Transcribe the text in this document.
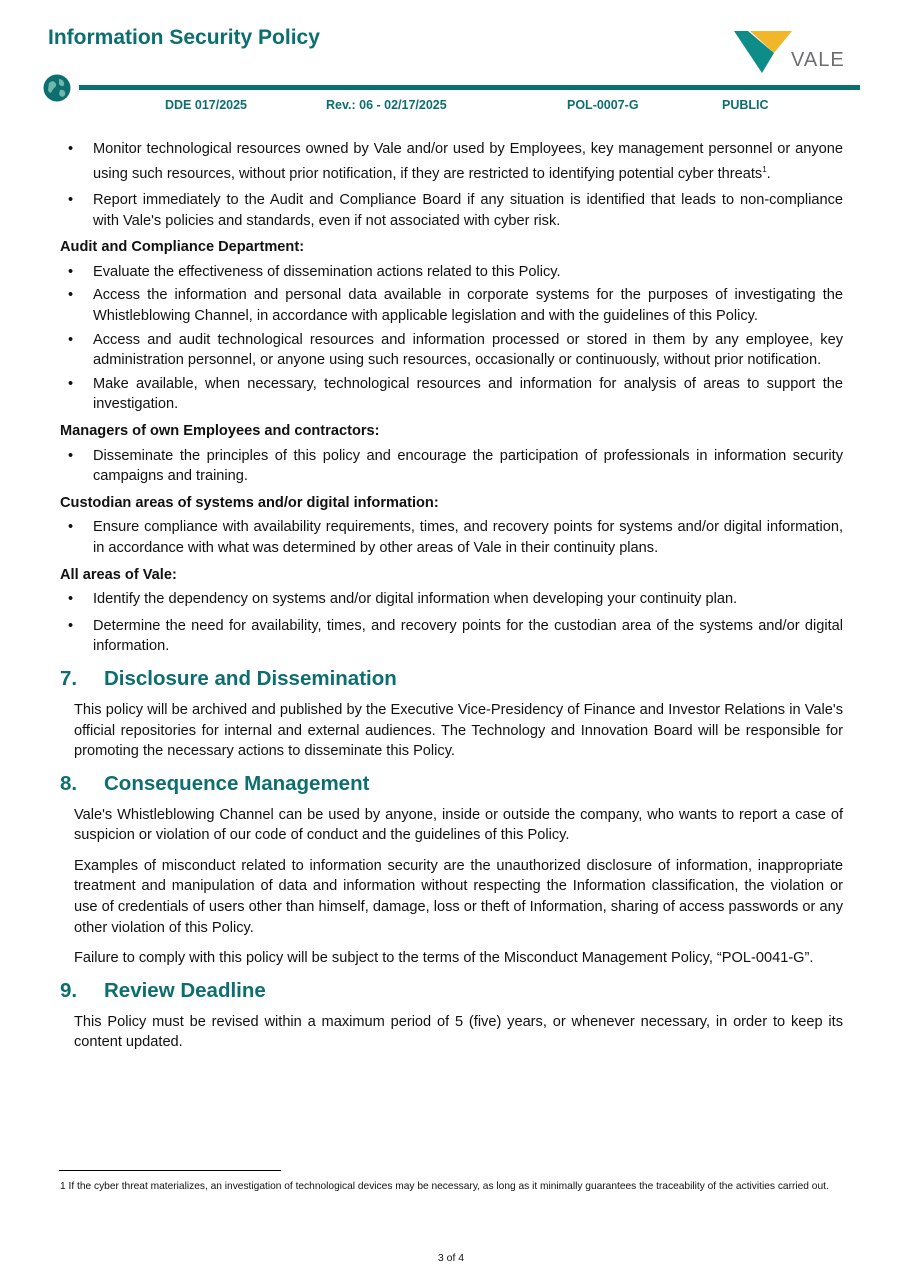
Information Security Policy
VALE
DDE 017/2025	Rev.: 06 - 02/17/2025	POL-0007-G	PUBLIC
• Monitor technological resources owned by Vale and/or used by Employees, key management personnel or anyone using such resources, without prior notification, if they are restricted to identifying potential cyber threats$^1$.
• Report immediately to the Audit and Compliance Board if any situation is identified that leads to non-compliance with Vale's policies and standards, even if not associated with cyber risk.
Audit and Compliance Department:
• Evaluate the effectiveness of dissemination actions related to this Policy.
• Access the information and personal data available in corporate systems for the purposes of investigating the Whistleblowing Channel, in accordance with applicable legislation and with the guidelines of this Policy.
• Access and audit technological resources and information processed or stored in them by any employee, key administration personnel, or anyone using such resources, occasionally or continuously, without prior notification.
• Make available, when necessary, technological resources and information for analysis of areas to support the investigation.
Managers of own Employees and contractors:
• Disseminate the principles of this policy and encourage the participation of professionals in information security campaigns and training.
Custodian areas of systems and/or digital information:
• Ensure compliance with availability requirements, times, and recovery points for systems and/or digital information, in accordance with what was determined by other areas of Vale in their continuity plans.
All areas of Vale:
• Identify the dependency on systems and/or digital information when developing your continuity plan.
• Determine the need for availability, times, and recovery points for the custodian area of the systems and/or digital information.
7. Disclosure and Dissemination
This policy will be archived and published by the Executive Vice-Presidency of Finance and Investor Relations in Vale's official repositories for internal and external audiences. The Technology and Innovation Board will be responsible for promoting the necessary actions to disseminate this Policy.
8. Consequence Management
Vale's Whistleblowing Channel can be used by anyone, inside or outside the company, who wants to report a case of suspicion or violation of our code of conduct and the guidelines of this Policy.
Examples of misconduct related to information security are the unauthorized disclosure of information, inappropriate treatment and manipulation of data and information without respecting the Information classification, the violation or use of credentials of users other than himself, damage, loss or theft of Information, sharing of access passwords or any other violation of this Policy.
Failure to comply with this policy will be subject to the terms of the Misconduct Management Policy, “POL-0041-G”.
9. Review Deadline
This Policy must be revised within a maximum period of 5 (five) years, or whenever necessary, in order to keep its content updated.
1 If the cyber threat materializes, an investigation of technological devices may be necessary, as long as it minimally guarantees the traceability of the activities carried out.
3 of 4
